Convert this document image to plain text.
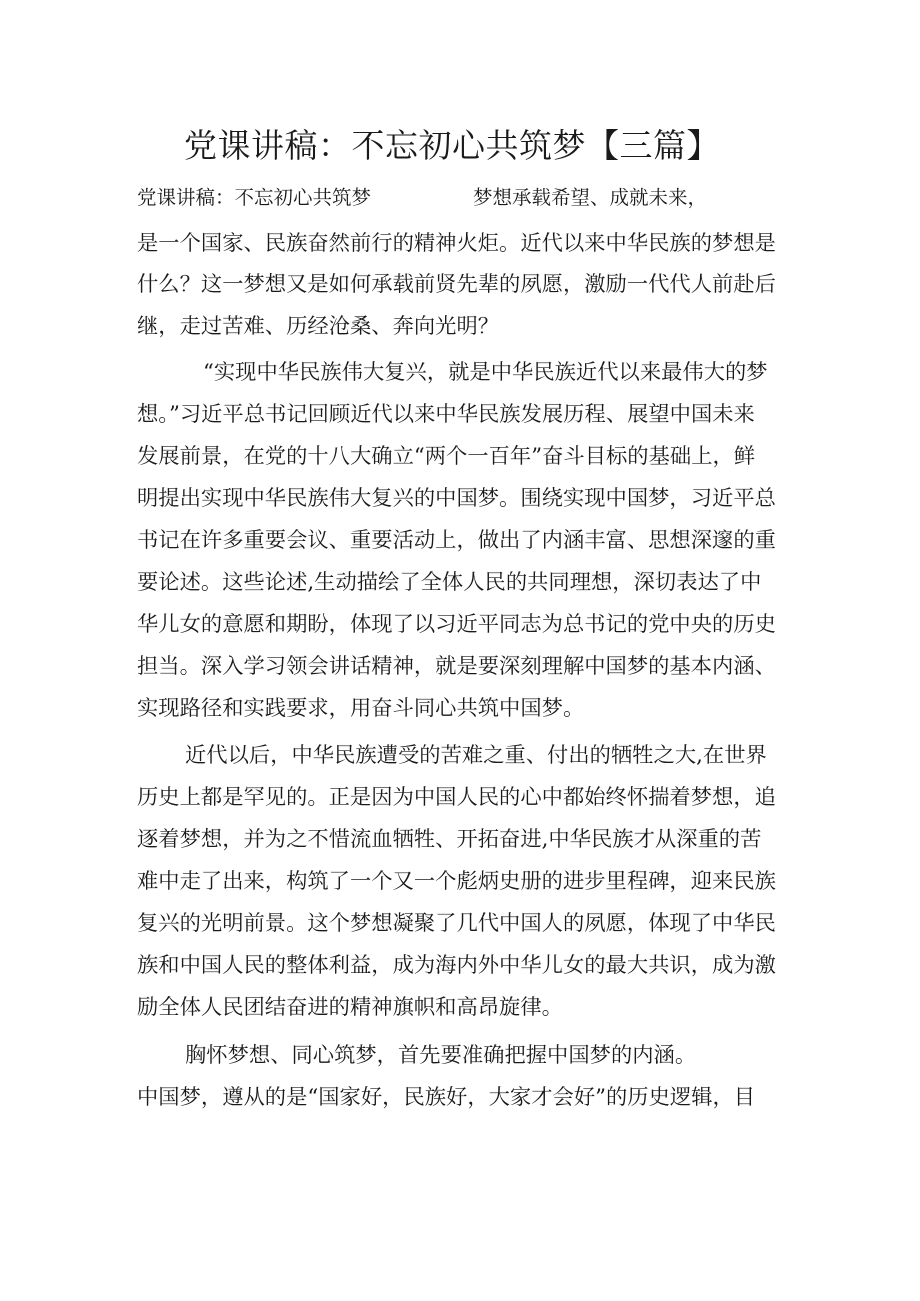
党课讲稿：不忘初心共筑梦【三篇】

党课讲稿：不忘初心共筑梦	梦想承载希望、成就未来，

是一个国家、民族奋然前行的精神火炬。近代以来中华民族的梦想是

什么？这一梦想又是如何承载前贤先辈的夙愿，激励一代代人前赴后

继，走过苦难、历经沧桑、奔向光明？

“实现中华民族伟大复兴，就是中华民族近代以来最伟大的梦

想。”习近平总书记回顾近代以来中华民族发展历程、展望中国未来

发展前景，在党的十八大确立“两个一百年”奋斗目标的基础上，鲜

明提出实现中华民族伟大复兴的中国梦。围绕实现中国梦，习近平总

书记在许多重要会议、重要活动上，做出了内涵丰富、思想深邃的重

要论述。这些论述,生动描绘了全体人民的共同理想，深切表达了中

华儿女的意愿和期盼，体现了以习近平同志为总书记的党中央的历史

担当。深入学习领会讲话精神，就是要深刻理解中国梦的基本内涵、

实现路径和实践要求，用奋斗同心共筑中国梦。

近代以后，中华民族遭受的苦难之重、付出的牺牲之大,在世界

历史上都是罕见的。正是因为中国人民的心中都始终怀揣着梦想，追

逐着梦想，并为之不惜流血牺牲、开拓奋进,中华民族才从深重的苦

难中走了出来，构筑了一个又一个彪炳史册的进步里程碑，迎来民族

复兴的光明前景。这个梦想凝聚了几代中国人的夙愿，体现了中华民

族和中国人民的整体利益，成为海内外中华儿女的最大共识，成为激

励全体人民团结奋进的精神旗帜和高昂旋律。

胸怀梦想、同心筑梦，首先要准确把握中国梦的内涵。

中国梦，遵从的是“国家好，民族好，大家才会好”的历史逻辑，目
